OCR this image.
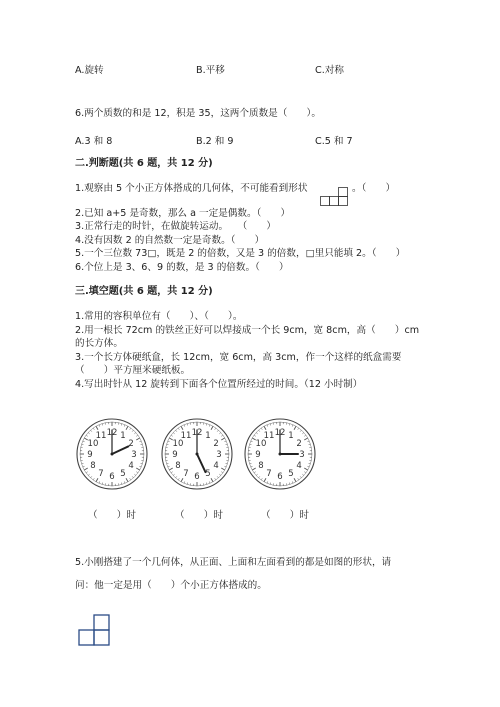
A.旋转	B.平移	C.对称
6.两个质数的和是 12，积是 35，这两个质数是（　　）。
A.3 和 8	B.2 和 9	C.5 和 7
二.判断题(共 6 题，共 12 分)
1.观察由 5 个小正方体搭成的几何体，不可能看到形状	。（　　）
2.已知 a+5 是奇数，那么 a 一定是偶数。（　　）
3.正常行走的时针，在做旋转运动。　　（　　）
4.没有因数 2 的自然数一定是奇数。（　　）
5.一个三位数 73□，既是 2 的倍数，又是 3 的倍数，□里只能填 2。（　　）
6.个位上是 3、6、9 的数，是 3 的倍数。（　　）
三.填空题(共 6 题，共 12 分)
1.常用的容积单位有（　　）、（　　）。
2.用一根长 72cm 的铁丝正好可以焊接成一个长 9cm，宽 8cm，高（　　）cm
的长方体。
3.一个长方体硬纸盒，长 12cm，宽 6cm，高 3cm，作一个这样的纸盒需要
（　　）平方厘米硬纸板。
4.写出时针从 12 旋转到下面各个位置所经过的时间。（12 小时制）
12 1
2
3
4
5
6
7
8
9
10
11	12 1
2
3
4
5
6
7
8
9
10
11	12 1
2
3
4
5
6
7
8
9
10
11
（　　）时	（　　）时	（　　）时
5.小刚搭建了一个几何体，从正面、上面和左面看到的都是如图的形状，请
问：他一定是用（　　）个小正方体搭成的。
